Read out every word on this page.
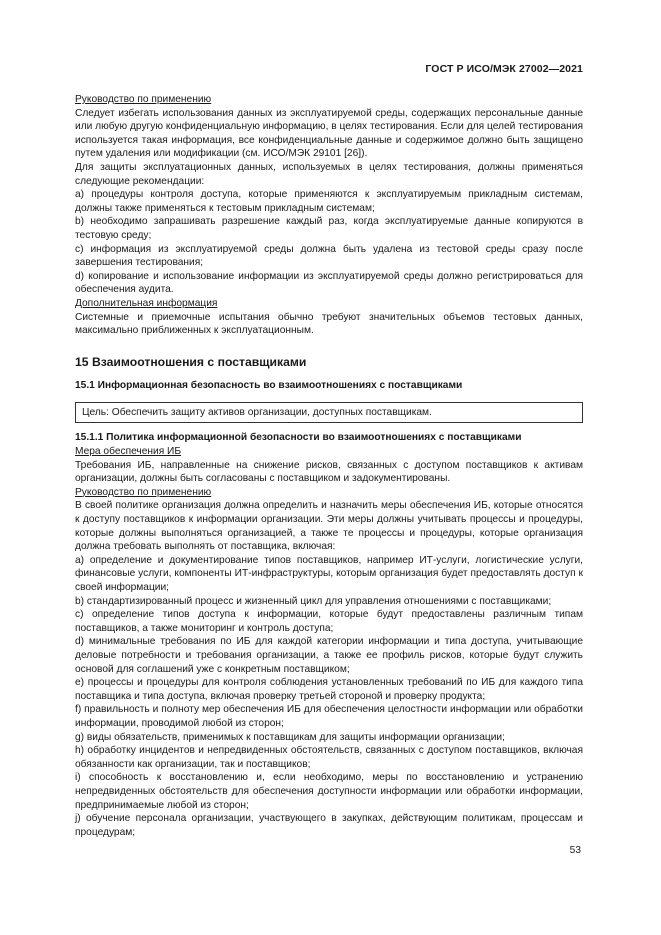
ГОСТ Р ИСО/МЭК 27002—2021

Руководство по применению

Следует избегать использования данных из эксплуатируемой среды, содержащих персональные данные или любую другую конфиденциальную информацию, в целях тестирования. Если для целей тестирования используется такая информация, все конфиденциальные данные и содержимое должно быть защищено путем удаления или модификации (см. ИСО/МЭК 29101 [26]).

Для защиты эксплуатационных данных, используемых в целях тестирования, должны применяться следующие рекомендации:

a) процедуры контроля доступа, которые применяются к эксплуатируемым прикладным системам, должны также применяться к тестовым прикладным системам;

b) необходимо запрашивать разрешение каждый раз, когда эксплуатируемые данные копируются в тестовую среду;

c) информация из эксплуатируемой среды должна быть удалена из тестовой среды сразу после завершения тестирования;

d) копирование и использование информации из эксплуатируемой среды должно регистрироваться для обеспечения аудита.

Дополнительная информация

Системные и приемочные испытания обычно требуют значительных объемов тестовых данных, максимально приближенных к эксплуатационным.

15 Взаимоотношения с поставщиками
15.1 Информационная безопасность во взаимоотношениях с поставщиками
Цель: Обеспечить защиту активов организации, доступных поставщикам.
15.1.1 Политика информационной безопасности во взаимоотношениях с поставщиками

Мера обеспечения ИБ

Требования ИБ, направленные на снижение рисков, связанных с доступом поставщиков к активам организации, должны быть согласованы с поставщиком и задокументированы.

Руководство по применению

В своей политике организация должна определить и назначить меры обеспечения ИБ, которые относятся к доступу поставщиков к информации организации. Эти меры должны учитывать процессы и процедуры, которые должны выполняться организацией, а также те процессы и процедуры, которые организация должна требовать выполнять от поставщика, включая:

a) определение и документирование типов поставщиков, например ИТ-услуги, логистические услуги, финансовые услуги, компоненты ИТ-инфраструктуры, которым организация будет предоставлять доступ к своей информации;

b) стандартизированный процесс и жизненный цикл для управления отношениями с поставщиками;

c) определение типов доступа к информации, которые будут предоставлены различным типам поставщиков, а также мониторинг и контроль доступа;

d) минимальные требования по ИБ для каждой категории информации и типа доступа, учитывающие деловые потребности и требования организации, а также ее профиль рисков, которые будут служить основой для соглашений уже с конкретным поставщиком;

e) процессы и процедуры для контроля соблюдения установленных требований по ИБ для каждого типа поставщика и типа доступа, включая проверку третьей стороной и проверку продукта;

f) правильность и полноту мер обеспечения ИБ для обеспечения целостности информации или обработки информации, проводимой любой из сторон;

g) виды обязательств, применимых к поставщикам для защиты информации организации;

h) обработку инцидентов и непредвиденных обстоятельств, связанных с доступом поставщиков, включая обязанности как организации, так и поставщиков;

i) способность к восстановлению и, если необходимо, меры по восстановлению и устранению непредвиденных обстоятельств для обеспечения доступности информации или обработки информации, предпринимаемые любой из сторон;

j) обучение персонала организации, участвующего в закупках, действующим политикам, процессам и процедурам;

53
